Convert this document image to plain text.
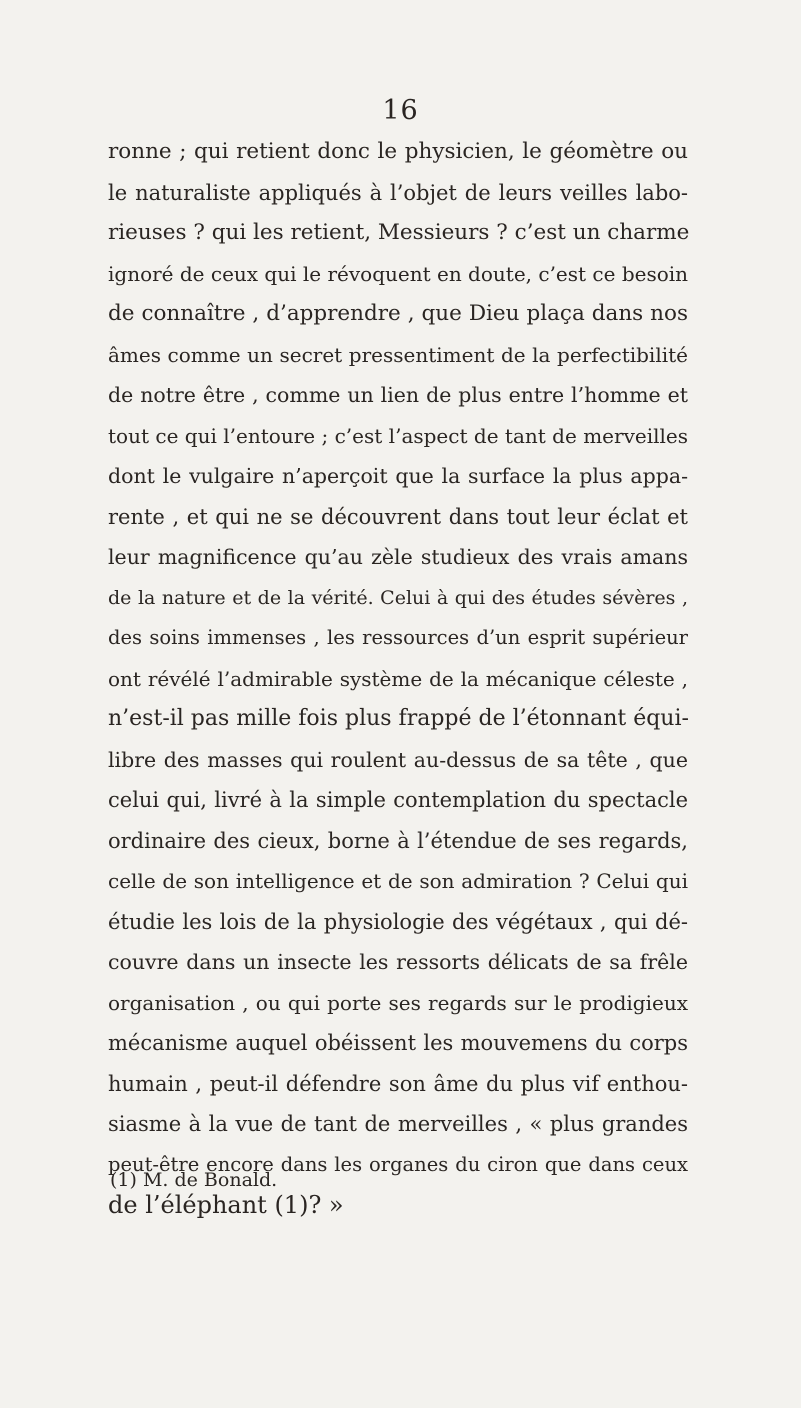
16
ronne ; qui retient donc le physicien, le géomètre ou
le naturaliste appliqués à l’objet de leurs veilles labo-
rieuses ? qui les retient, Messieurs ? c’est un charme
ignoré de ceux qui le révoquent en doute, c’est ce besoin
de connaître , d’apprendre , que Dieu plaça dans nos
âmes comme un secret pressentiment de la perfectibilité
de notre être , comme un lien de plus entre l’homme et
tout ce qui l’entoure ; c’est l’aspect de tant de merveilles
dont le vulgaire n’aperçoit que la surface la plus appa-
rente , et qui ne se découvrent dans tout leur éclat et
leur magnificence qu’au zèle studieux des vrais amans
de la nature et de la vérité. Celui à qui des études sévères ,
des soins immenses , les ressources d’un esprit supérieur
ont révélé l’admirable système de la mécanique céleste ,
n’est-il pas mille fois plus frappé de l’étonnant équi-
libre des masses qui roulent au-dessus de sa tête , que
celui qui, livré à la simple contemplation du spectacle
ordinaire des cieux, borne à l’étendue de ses regards,
celle de son intelligence et de son admiration ? Celui qui
étudie les lois de la physiologie des végétaux , qui dé-
couvre dans un insecte les ressorts délicats de sa frêle
organisation , ou qui porte ses regards sur le prodigieux
mécanisme auquel obéissent les mouvemens du corps
humain , peut-il défendre son âme du plus vif enthou-
siasme à la vue de tant de merveilles , « plus grandes
peut-être encore dans les organes du ciron que dans ceux
de l’éléphant (1)? »
(1) M. de Bonald.
